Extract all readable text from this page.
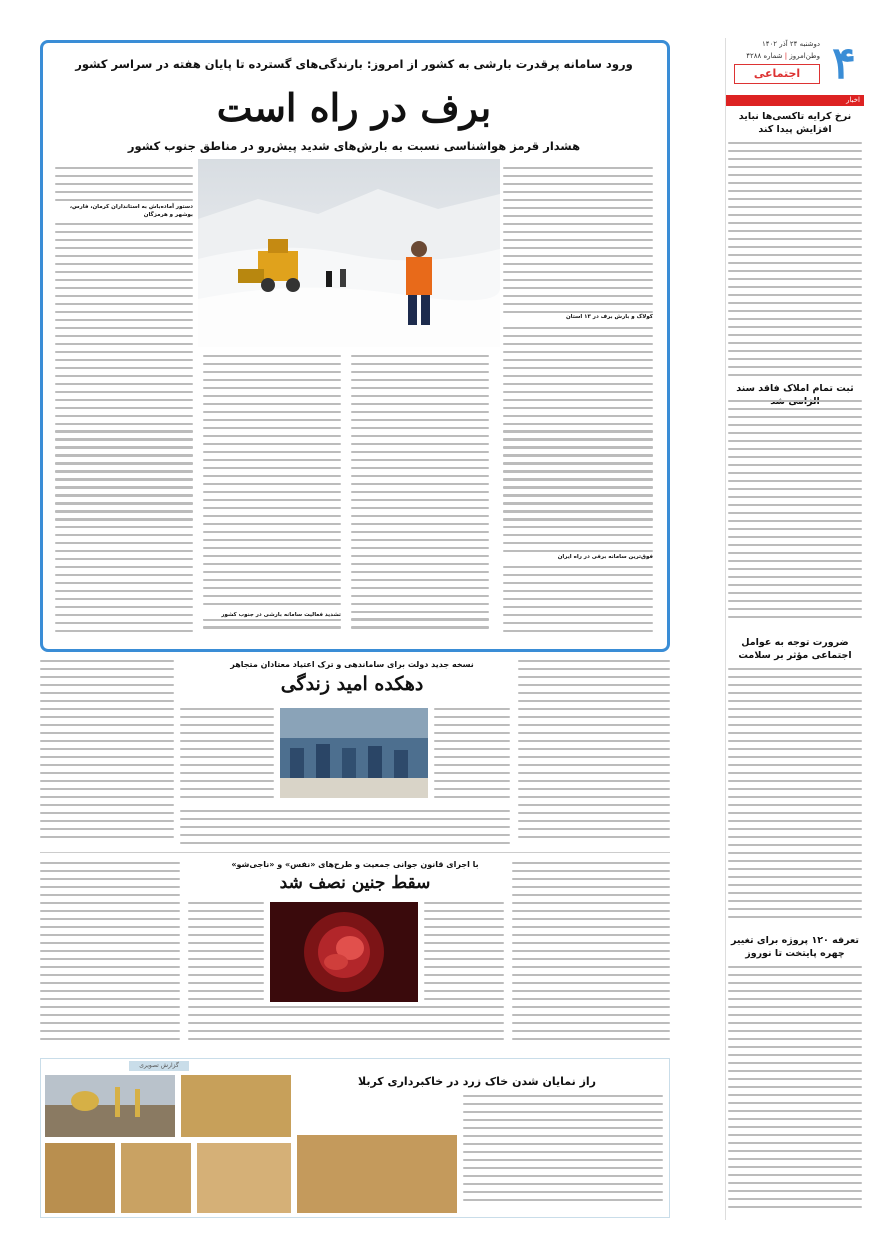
۴
دوشنبه ۲۴ آذر ۱۴۰۲
وطن‌امروز | شماره ۴۲۸۸
اجتماعی
اخبار
نرخ کرایه تاکسی‌ها نباید افزایش پیدا کند
ثبت تمام املاک فاقد سند
ضرورت توجه به عوامل اجتماعی مؤثر بر سلامت
تعرفه ۱۲۰ پروژه برای تغییر چهره پایتخت تا نوروز
ورود سامانه پرقدرت بارشی به کشور از امروز: بارندگی‌های گسترده تا پایان هفته در سراسر کشور
برف در راه است
هشدار قرمز هواشناسی نسبت به بارش‌های شدید پیش‌رو در مناطق جنوب کشور
دستور آماده‌باش به استانداران کرمان، فارس، بوشهر و هرمزگان
تشدید فعالیت سامانه بارشی در جنوب کشور
کولاک و بارش برف در ۱۳ استان
فوق‌ترین سامانه برفی در راه ایران
نسخه جدید دولت برای ساماندهی و ترک اعتیاد معتادان متجاهر
دهکده امید زندگی
با اجرای قانون جوانی جمعیت و طرح‌های «نفس» و «ناجی‌شو»
سقط جنین نصف شد
گزارش تصویری
راز نمایان شدن خاک زرد در خاکبرداری کربلا
